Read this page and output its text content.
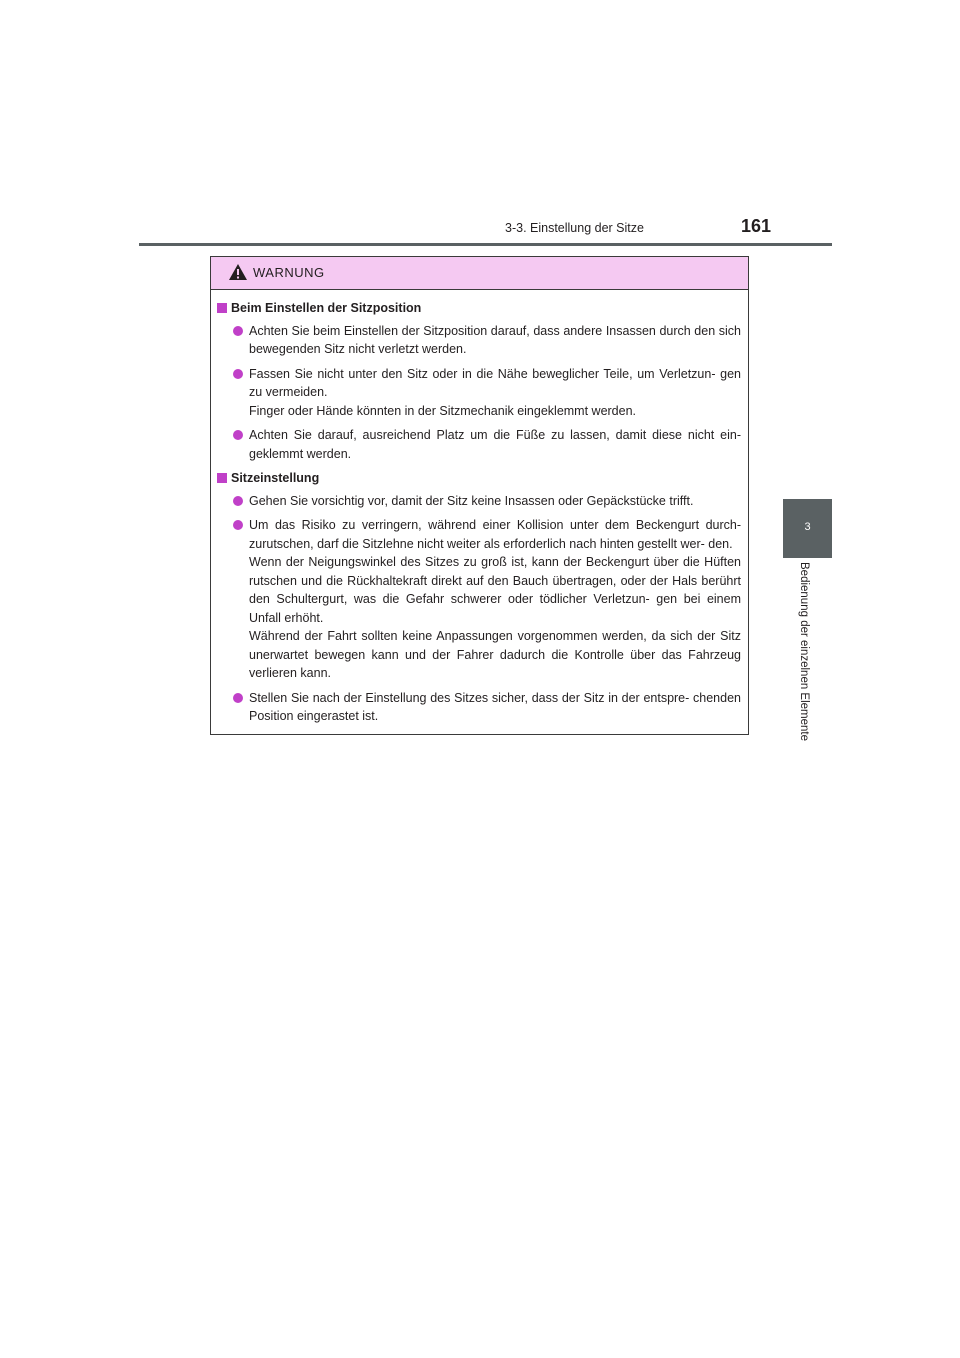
3-3. Einstellung der Sitze	161
3
Bedienung der einzelnen Elemente
WARNUNG
Beim Einstellen der Sitzposition
Achten Sie beim Einstellen der Sitzposition darauf, dass andere Insassen durch den sich bewegenden Sitz nicht verletzt werden.
Fassen Sie nicht unter den Sitz oder in die Nähe beweglicher Teile, um Verletzun- gen zu vermeiden.
Finger oder Hände könnten in der Sitzmechanik eingeklemmt werden.
Achten Sie darauf, ausreichend Platz um die Füße zu lassen, damit diese nicht ein- geklemmt werden.
Sitzeinstellung
Gehen Sie vorsichtig vor, damit der Sitz keine Insassen oder Gepäckstücke trifft.
Um das Risiko zu verringern, während einer Kollision unter dem Beckengurt durch- zurutschen, darf die Sitzlehne nicht weiter als erforderlich nach hinten gestellt wer- den.
Wenn der Neigungswinkel des Sitzes zu groß ist, kann der Beckengurt über die Hüften rutschen und die Rückhaltekraft direkt auf den Bauch übertragen, oder der Hals berührt den Schultergurt, was die Gefahr schwerer oder tödlicher Verletzun- gen bei einem Unfall erhöht.
Während der Fahrt sollten keine Anpassungen vorgenommen werden, da sich der Sitz unerwartet bewegen kann und der Fahrer dadurch die Kontrolle über das Fahrzeug verlieren kann.
Stellen Sie nach der Einstellung des Sitzes sicher, dass der Sitz in der entspre- chenden Position eingerastet ist.
